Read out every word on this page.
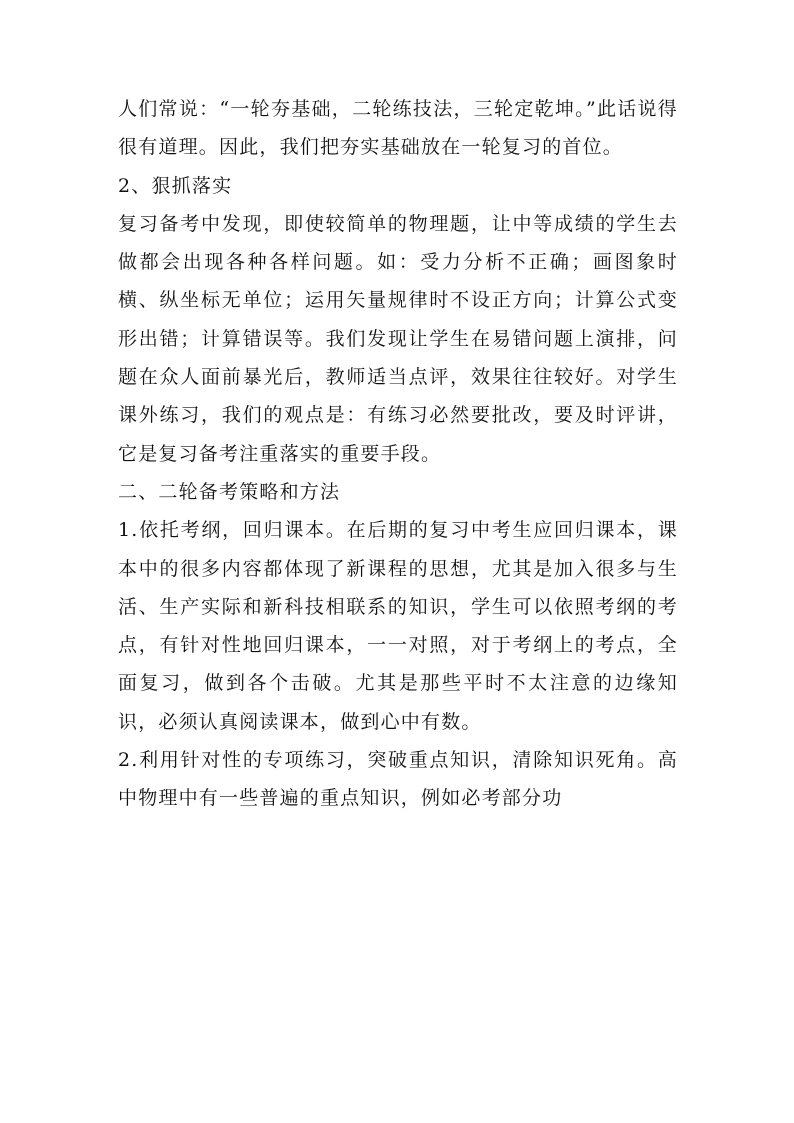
人们常说：“一轮夯基础，二轮练技法，三轮定乾坤。”此话说得很有道理。因此，我们把夯实基础放在一轮复习的首位。

2、狠抓落实

复习备考中发现，即使较简单的物理题，让中等成绩的学生去做都会出现各种各样问题。如：受力分析不正确；画图象时横、纵坐标无单位；运用矢量规律时不设正方向；计算公式变形出错；计算错误等。我们发现让学生在易错问题上演排，问题在众人面前暴光后，教师适当点评，效果往往较好。对学生课外练习，我们的观点是：有练习必然要批改，要及时评讲，它是复习备考注重落实的重要手段。

二、二轮备考策略和方法

1.依托考纲，回归课本。在后期的复习中考生应回归课本，课本中的很多内容都体现了新课程的思想，尤其是加入很多与生活、生产实际和新科技相联系的知识，学生可以依照考纲的考点，有针对性地回归课本，一一对照，对于考纲上的考点，全面复习，做到各个击破。尤其是那些平时不太注意的边缘知识，必须认真阅读课本，做到心中有数。

2.利用针对性的专项练习，突破重点知识，清除知识死角。高中物理中有一些普遍的重点知识，例如必考部分功
